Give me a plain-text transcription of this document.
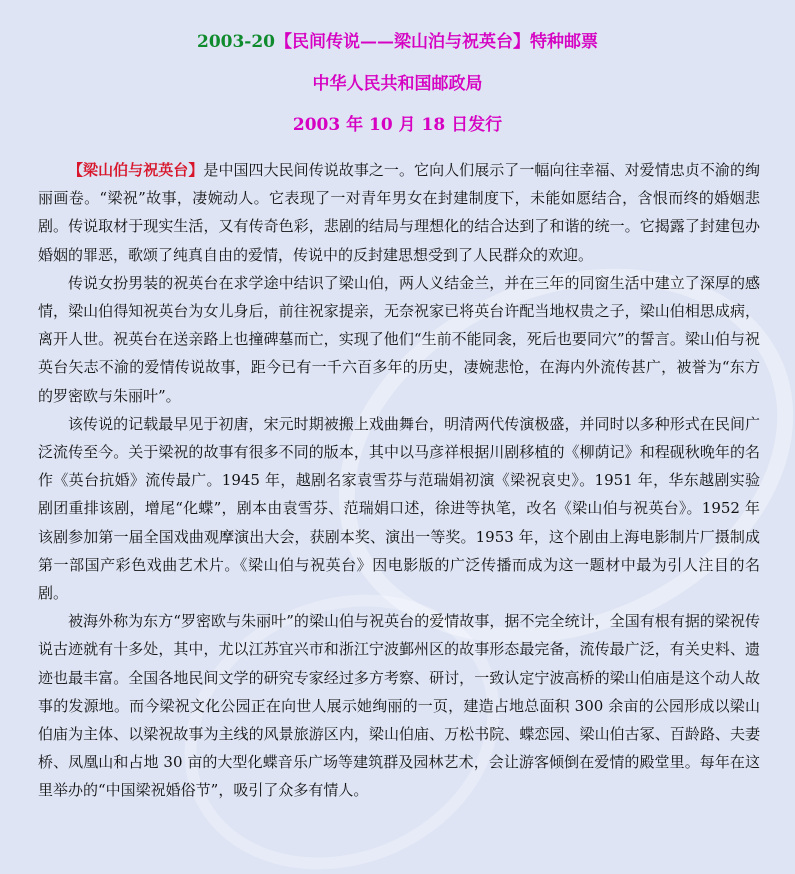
2003-20【民间传说——梁山泊与祝英台】特种邮票
中华人民共和国邮政局
2003 年 10 月 18 日发行

【梁山伯与祝英台】是中国四大民间传说故事之一。它向人们展示了一幅向往幸福、对爱情忠贞不渝的绚丽画卷。“梁祝”故事，凄婉动人。它表现了一对青年男女在封建制度下，未能如愿结合，含恨而终的婚姻悲剧。传说取材于现实生活，又有传奇色彩，悲剧的结局与理想化的结合达到了和谐的统一。它揭露了封建包办婚姻的罪恶，歌颂了纯真自由的爱情，传说中的反封建思想受到了人民群众的欢迎。

传说女扮男装的祝英台在求学途中结识了梁山伯，两人义结金兰，并在三年的同窗生活中建立了深厚的感情，梁山伯得知祝英台为女儿身后，前往祝家提亲，无奈祝家已将英台许配当地权贵之子，梁山伯相思成病，离开人世。祝英台在送亲路上也撞碑墓而亡，实现了他们“生前不能同衾，死后也要同穴”的誓言。梁山伯与祝英台矢志不渝的爱情传说故事，距今已有一千六百多年的历史，凄婉悲怆，在海内外流传甚广，被誉为“东方的罗密欧与朱丽叶”。

该传说的记载最早见于初唐，宋元时期被搬上戏曲舞台，明清两代传演极盛，并同时以多种形式在民间广泛流传至今。关于梁祝的故事有很多不同的版本，其中以马彦祥根据川剧移植的《柳荫记》和程砚秋晚年的名作《英台抗婚》流传最广。1945 年，越剧名家袁雪芬与范瑞娟初演《梁祝哀史》。1951 年，华东越剧实验剧团重排该剧，增尾“化蝶”，剧本由袁雪芬、范瑞娟口述，徐进等执笔，改名《梁山伯与祝英台》。1952 年该剧参加第一届全国戏曲观摩演出大会，获剧本奖、演出一等奖。1953 年，这个剧由上海电影制片厂摄制成第一部国产彩色戏曲艺术片。《梁山伯与祝英台》因电影版的广泛传播而成为这一题材中最为引人注目的名剧。

被海外称为东方“罗密欧与朱丽叶”的梁山伯与祝英台的爱情故事，据不完全统计，全国有根有据的梁祝传说古迹就有十多处，其中，尤以江苏宜兴市和浙江宁波鄞州区的故事形态最完备，流传最广泛，有关史料、遗迹也最丰富。全国各地民间文学的研究专家经过多方考察、研讨，一致认定宁波高桥的梁山伯庙是这个动人故事的发源地。而今梁祝文化公园正在向世人展示她绚丽的一页，建造占地总面积 300 余亩的公园形成以梁山伯庙为主体、以梁祝故事为主线的风景旅游区内，梁山伯庙、万松书院、蝶恋园、梁山伯古冢、百龄路、夫妻桥、凤凰山和占地 30 亩的大型化蝶音乐广场等建筑群及园林艺术，会让游客倾倒在爱情的殿堂里。每年在这里举办的“中国梁祝婚俗节”，吸引了众多有情人。
